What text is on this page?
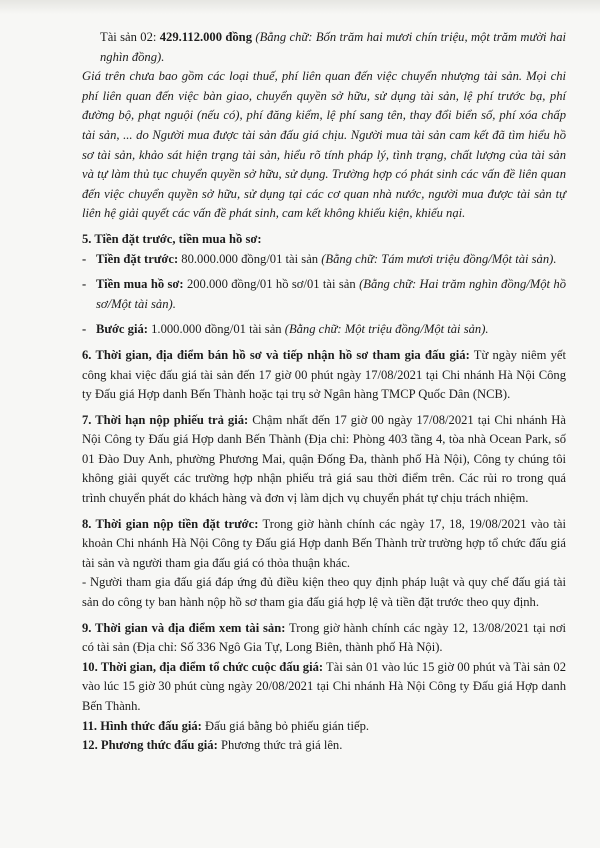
Tài sản 02: 429.112.000 đồng (Bằng chữ: Bốn trăm hai mươi chín triệu, một trăm mười hai nghìn đồng).

Giá trên chưa bao gồm các loại thuế, phí liên quan đến việc chuyển nhượng tài sản. Mọi chi phí liên quan đến việc bàn giao, chuyển quyền sở hữu, sử dụng tài sản, lệ phí trước bạ, phí đường bộ, phạt nguội (nếu có), phí đăng kiểm, lệ phí sang tên, thay đổi biển số, phí xóa chấp tài sản, ... do Người mua được tài sản đấu giá chịu. Người mua tài sản cam kết đã tìm hiểu hồ sơ tài sản, khảo sát hiện trạng tài sản, hiểu rõ tính pháp lý, tình trạng, chất lượng của tài sản và tự làm thủ tục chuyển quyền sở hữu, sử dụng. Trường hợp có phát sinh các vấn đề liên quan đến việc chuyển quyền sở hữu, sử dụng tại các cơ quan nhà nước, người mua được tài sản tự liên hệ giải quyết các vấn đề phát sinh, cam kết không khiếu kiện, khiếu nại.

5. Tiền đặt trước, tiền mua hồ sơ:

- Tiền đặt trước: 80.000.000 đồng/01 tài sản (Bằng chữ: Tám mươi triệu đồng/Một tài sản).

- Tiền mua hồ sơ: 200.000 đồng/01 hồ sơ/01 tài sản (Bằng chữ: Hai trăm nghìn đồng/Một hồ sơ/Một tài sản).

- Bước giá: 1.000.000 đồng/01 tài sản (Bằng chữ: Một triệu đồng/Một tài sản).

6. Thời gian, địa điểm bán hồ sơ và tiếp nhận hồ sơ tham gia đấu giá: Từ ngày niêm yết công khai việc đấu giá tài sản đến 17 giờ 00 phút ngày 17/08/2021 tại Chi nhánh Hà Nội Công ty Đấu giá Hợp danh Bến Thành hoặc tại trụ sở Ngân hàng TMCP Quốc Dân (NCB).

7. Thời hạn nộp phiếu trả giá: Chậm nhất đến 17 giờ 00 ngày 17/08/2021 tại Chi nhánh Hà Nội Công ty Đấu giá Hợp danh Bến Thành (Địa chỉ: Phòng 403 tầng 4, tòa nhà Ocean Park, số 01 Đào Duy Anh, phường Phương Mai, quận Đống Đa, thành phố Hà Nội), Công ty chúng tôi không giải quyết các trường hợp nhận phiếu trả giá sau thời điểm trên. Các rủi ro trong quá trình chuyển phát do khách hàng và đơn vị làm dịch vụ chuyển phát tự chịu trách nhiệm.

8. Thời gian nộp tiền đặt trước: Trong giờ hành chính các ngày 17, 18, 19/08/2021 vào tài khoản Chi nhánh Hà Nội Công ty Đấu giá Hợp danh Bến Thành trừ trường hợp tổ chức đấu giá tài sản và người tham gia đấu giá có thỏa thuận khác.

- Người tham gia đấu giá đáp ứng đủ điều kiện theo quy định pháp luật và quy chế đấu giá tài sản do công ty ban hành nộp hồ sơ tham gia đấu giá hợp lệ và tiền đặt trước theo quy định.

9. Thời gian và địa điểm xem tài sản: Trong giờ hành chính các ngày 12, 13/08/2021 tại nơi có tài sản (Địa chỉ: Số 336 Ngô Gia Tự, Long Biên, thành phố Hà Nội).

10. Thời gian, địa điểm tổ chức cuộc đấu giá: Tài sản 01 vào lúc 15 giờ 00 phút và Tài sản 02 vào lúc 15 giờ 30 phút cùng ngày 20/08/2021 tại Chi nhánh Hà Nội Công ty Đấu giá Hợp danh Bến Thành.

11. Hình thức đấu giá: Đấu giá bằng bỏ phiếu gián tiếp.

12. Phương thức đấu giá: Phương thức trả giá lên.
